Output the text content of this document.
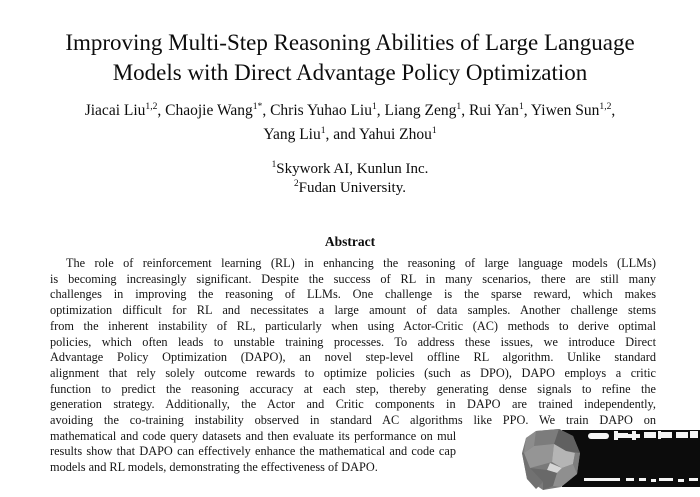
Improving Multi-Step Reasoning Abilities of Large Language
Models with Direct Advantage Policy Optimization
Jiacai Liu$^{1,2}$, Chaojie Wang$^{1*}$, Chris Yuhao Liu$^1$, Liang Zeng$^1$, Rui Yan$^1$, Yiwen Sun$^{1,2}$,
Yang Liu$^1$, and Yahui Zhou$^1$
$^1$Skywork AI, Kunlun Inc.
$^2$Fudan University.
Abstract
The role of reinforcement learning (RL) in enhancing the reasoning of large language models (LLMs)
is becoming increasingly significant. Despite the success of RL in many scenarios, there are still many
challenges in improving the reasoning of LLMs. One challenge is the sparse reward, which makes
optimization difficult for RL and necessitates a large amount of data samples. Another challenge stems
from the inherent instability of RL, particularly when using Actor-Critic (AC) methods to derive optimal
policies, which often leads to unstable training processes. To address these issues, we introduce Direct
Advantage Policy Optimization (DAPO), an novel step-level offline RL algorithm. Unlike standard
alignment that rely solely outcome rewards to optimize policies (such as DPO), DAPO employs a critic
function to predict the reasoning accuracy at each step, thereby generating dense signals to refine the
generation strategy. Additionally, the Actor and Critic components in DAPO are trained independently,
avoiding the co-training instability observed in standard AC algorithms like PPO. We train DAPO on
mathematical and code query datasets and then evaluate its performance on mul
results show that DAPO can effectively enhance the mathematical and code cap
models and RL models, demonstrating the effectiveness of DAPO.
